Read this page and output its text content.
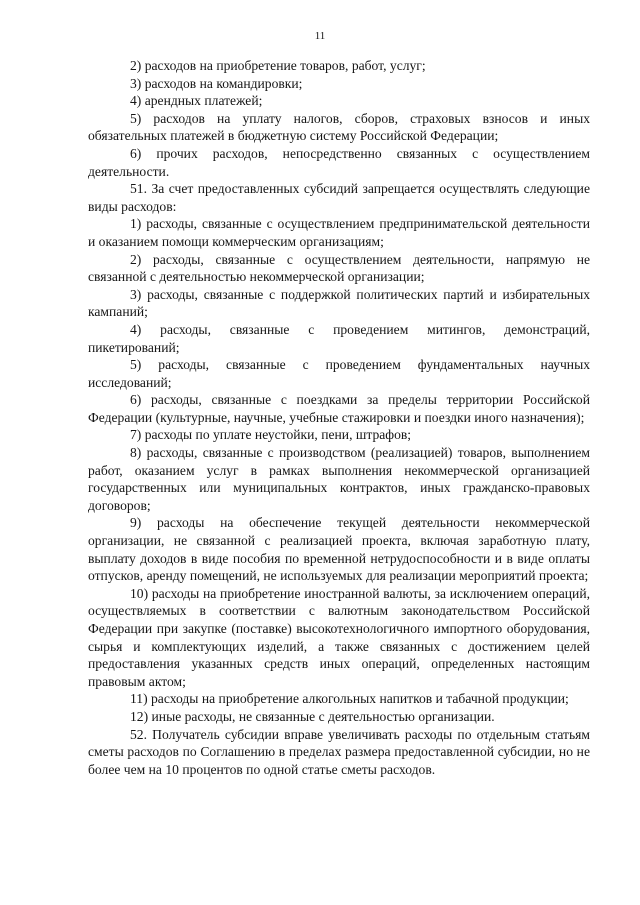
11

2) расходов на приобретение товаров, работ, услуг;

3) расходов на командировки;

4) арендных платежей;

5) расходов на уплату налогов, сборов, страховых взносов и иных обязательных платежей в бюджетную систему Российской Федерации;

6) прочих расходов, непосредственно связанных с осуществлением деятельности.

51. За счет предоставленных субсидий запрещается осуществлять следующие виды расходов:

1) расходы, связанные с осуществлением предпринимательской деятельности и оказанием помощи коммерческим организациям;

2) расходы, связанные с осуществлением деятельности, напрямую не связанной с деятельностью некоммерческой организации;

3) расходы, связанные с поддержкой политических партий и избирательных кампаний;

4) расходы, связанные с проведением митингов, демонстраций, пикетирований;

5) расходы, связанные с проведением фундаментальных научных исследований;

6) расходы, связанные с поездками за пределы территории Российской Федерации (культурные, научные, учебные стажировки и поездки иного назначения);

7) расходы по уплате неустойки, пени, штрафов;

8) расходы, связанные с производством (реализацией) товаров, выполнением работ, оказанием услуг в рамках выполнения некоммерческой организацией государственных или муниципальных контрактов, иных гражданско-правовых договоров;

9) расходы на обеспечение текущей деятельности некоммерческой организации, не связанной с реализацией проекта, включая заработную плату, выплату доходов в виде пособия по временной нетрудоспособности и в виде оплаты отпусков, аренду помещений, не используемых для реализации мероприятий проекта;

10) расходы на приобретение иностранной валюты, за исключением операций, осуществляемых в соответствии с валютным законодательством Российской Федерации при закупке (поставке) высокотехнологичного импортного оборудования, сырья и комплектующих изделий, а также связанных с достижением целей предоставления указанных средств иных операций, определенных настоящим правовым актом;

11) расходы на приобретение алкогольных напитков и табачной продукции;

12) иные расходы, не связанные с деятельностью организации.

52. Получатель субсидии вправе увеличивать расходы по отдельным статьям сметы расходов по Соглашению в пределах размера предоставленной субсидии, но не более чем на 10 процентов по одной статье сметы расходов.
